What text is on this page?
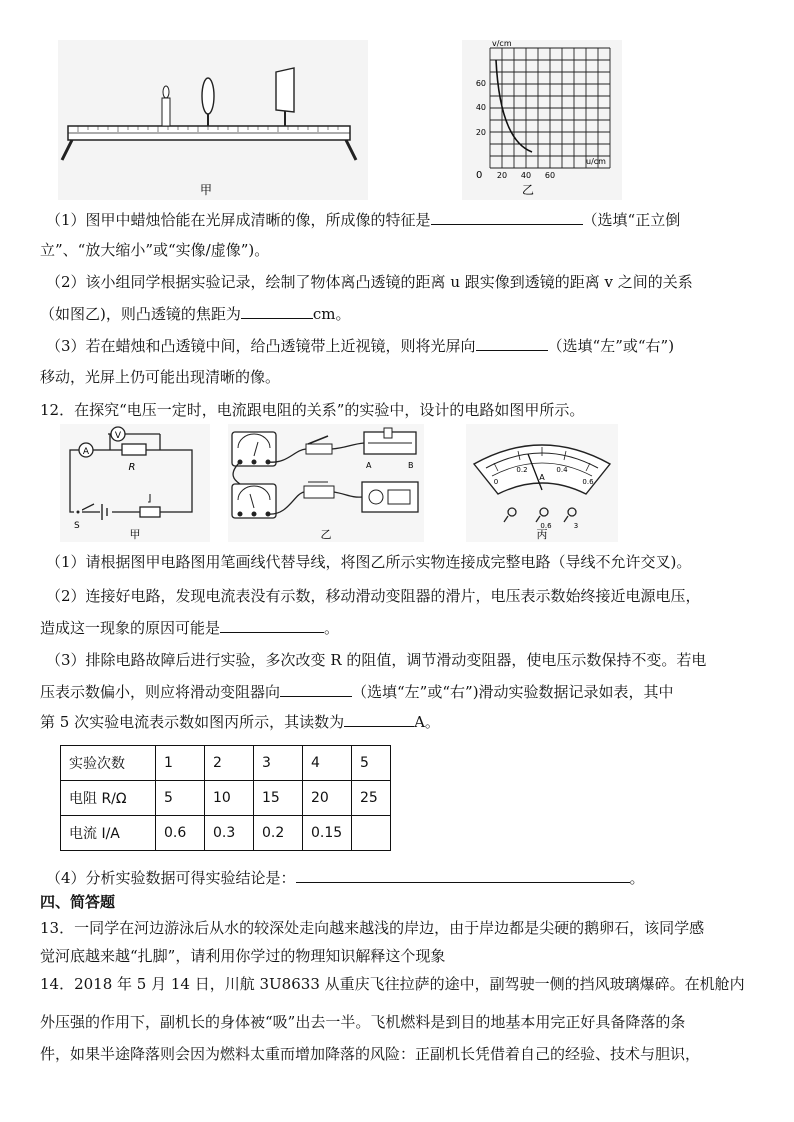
甲
v/cm
u/cm
60
40
20
0 20 40 60
乙
（1）图甲中蜡烛恰能在光屏成清晰的像，所成像的特征是	（选填“正立倒
立”、“放大缩小”或“实像/虚像”)。
（2）该小组同学根据实验记录，绘制了物体离凸透镜的距离 u 跟实像到透镜的距离 v 之间的关系
（如图乙)，则凸透镜的焦距为	cm。
（3）若在蜡烛和凸透镜中间，给凸透镜带上近视镜，则将光屏向	（选填“左”或“右”)
移动，光屏上仍可能出现清晰的像。
12．在探究“电压一定时，电流跟电阻的关系”的实验中，设计的电路如图甲所示。
V
A
R
S
甲
A	B
乙
0
0.2	0.4
0.6
A
0.6	3
丙
（1）请根据图甲电路图用笔画线代替导线，将图乙所示实物连接成完整电路（导线不允许交叉)。
（2）连接好电路，发现电流表没有示数，移动滑动变阻器的滑片，电压表示数始终接近电源电压，
造成这一现象的原因可能是	。
（3）排除电路故障后进行实验，多次改变 R 的阻值，调节滑动变阻器，使电压示数保持不变。若电
压表示数偏小，则应将滑动变阻器向	（选填“左”或“右”)滑动实验数据记录如表，其中
第 5 次实验电流表示数如图丙所示，其读数为	A。
实验次数	1	2	3	4	5
电阻 R/Ω	5	10	15	20	25
电流 I/A	0.6	0.3	0.2	0.15	
（4）分析实验数据可得实验结论是：	。
四、简答题
13．一同学在河边游泳后从水的较深处走向越来越浅的岸边，由于岸边都是尖硬的鹅卵石，该同学感
觉河底越来越“扎脚”，请利用你学过的物理知识解释这个现象
14．2018 年 5 月 14 日，川航 3U8633 从重庆飞往拉萨的途中，副驾驶一侧的挡风玻璃爆碎。在机舱内
外压强的作用下，副机长的身体被“吸”出去一半。飞机燃料是到目的地基本用完正好具备降落的条
件，如果半途降落则会因为燃料太重而增加降落的风险：正副机长凭借着自己的经验、技术与胆识，
